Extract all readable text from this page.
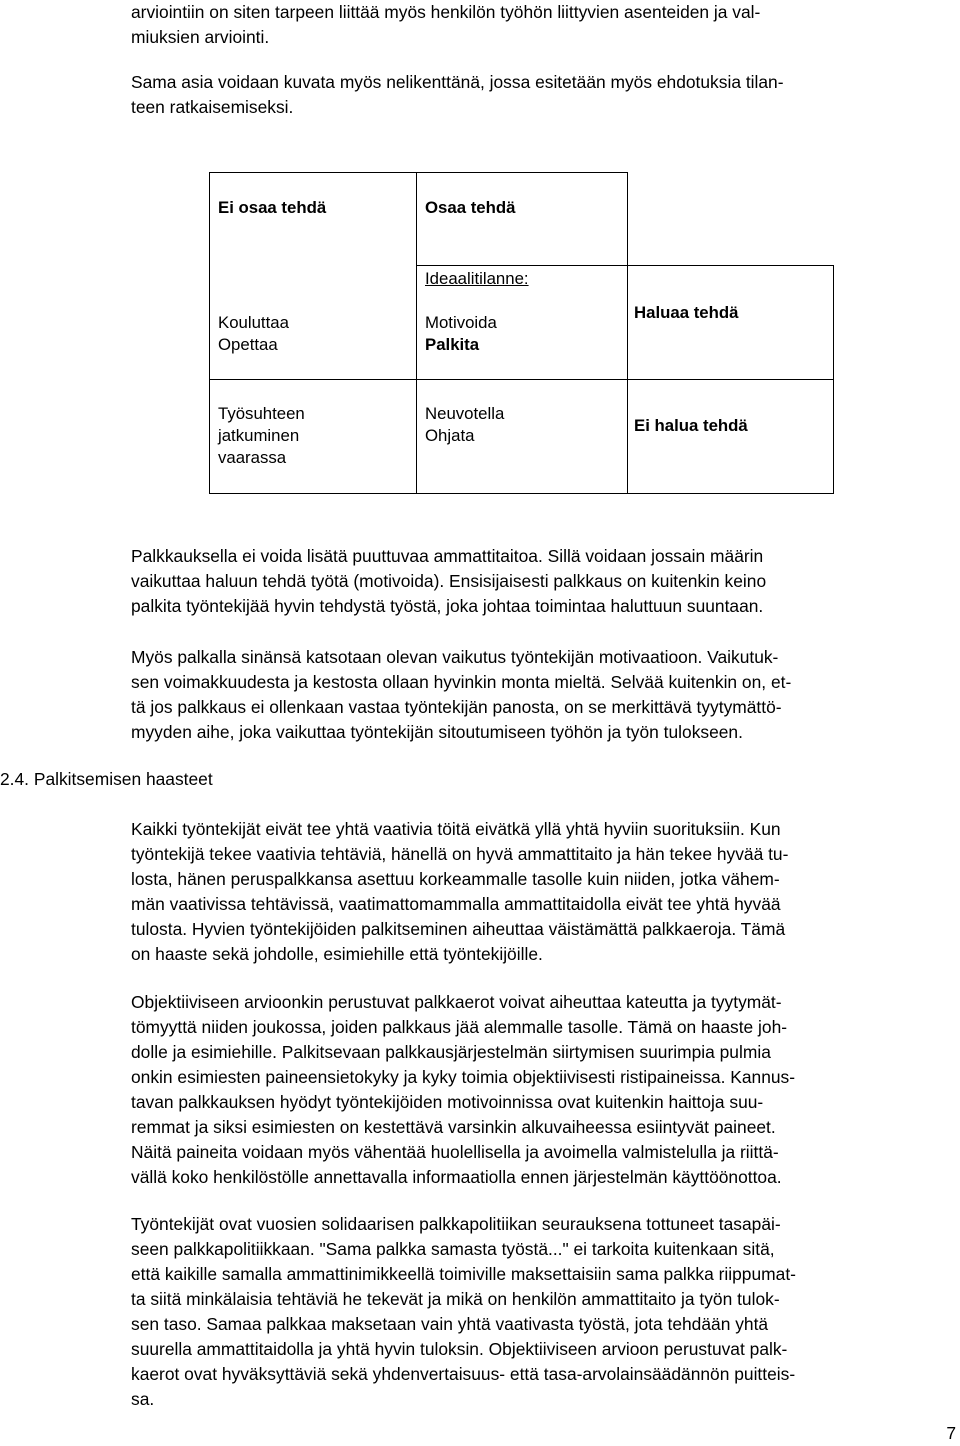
arviointiin on siten tarpeen liittää myös henkilön työhön liittyvien asenteiden ja val-
miuksien arviointi.

Sama asia voidaan kuvata myös nelikenttänä, jossa esitetään myös ehdotuksia tilan-
teen ratkaisemiseksi.

Ei osaa tehdä	Osaa tehdä
Ideaalitilanne:
Kouluttaa
Opettaa
Motivoida
Palkita
Haluaa tehdä
Työsuhteen
jatkuminen
vaarassa
Neuvotella
Ohjata
Ei halua tehdä

Palkkauksella ei voida lisätä puuttuvaa ammattitaitoa. Sillä voidaan jossain määrin
vaikuttaa haluun tehdä työtä (motivoida). Ensisijaisesti palkkaus on kuitenkin keino
palkita työntekijää hyvin tehdystä työstä, joka johtaa toimintaa haluttuun suuntaan.

Myös palkalla sinänsä katsotaan olevan vaikutus työntekijän motivaatioon. Vaikutuk-
sen voimakkuudesta ja kestosta ollaan hyvinkin monta mieltä. Selvää kuitenkin on, et-
tä jos palkkaus ei ollenkaan vastaa työntekijän panosta, on se merkittävä tyytymättö-
myyden aihe, joka vaikuttaa työntekijän sitoutumiseen työhön ja työn tulokseen.

2.4. Palkitsemisen haasteet

Kaikki työntekijät eivät tee yhtä vaativia töitä eivätkä yllä yhtä hyviin suorituksiin. Kun
työntekijä tekee vaativia tehtäviä, hänellä on hyvä ammattitaito ja hän tekee hyvää tu-
losta, hänen peruspalkkansa asettuu korkeammalle tasolle kuin niiden, jotka vähem-
män vaativissa tehtävissä, vaatimattomammalla ammattitaidolla eivät tee yhtä hyvää
tulosta. Hyvien työntekijöiden palkitseminen aiheuttaa väistämättä palkkaeroja. Tämä
on haaste sekä johdolle, esimiehille että työntekijöille.

Objektiiviseen arvioonkin perustuvat palkkaerot voivat aiheuttaa kateutta ja tyytymät-
tömyyttä niiden joukossa, joiden palkkaus jää alemmalle tasolle. Tämä on haaste joh-
dolle ja esimiehille. Palkitsevaan palkkausjärjestelmän siirtymisen suurimpia pulmia
onkin esimiesten paineensietokyky ja kyky toimia objektiivisesti ristipaineissa. Kannus-
tavan palkkauksen hyödyt työntekijöiden motivoinnissa ovat kuitenkin haittoja suu-
remmat ja siksi esimiesten on kestettävä varsinkin alkuvaiheessa esiintyvät paineet.
Näitä paineita voidaan myös vähentää huolellisella ja avoimella valmistelulla ja riittä-
vällä koko henkilöstölle annettavalla informaatiolla ennen järjestelmän käyttöönottoa.

Työntekijät ovat vuosien solidaarisen palkkapolitiikan seurauksena tottuneet tasapäi-
seen palkkapolitiikkaan. "Sama palkka samasta työstä..." ei tarkoita kuitenkaan sitä,
että kaikille samalla ammattinimikkeellä toimiville maksettaisiin sama palkka riippumat-
ta siitä minkälaisia tehtäviä he tekevät ja mikä on henkilön ammattitaito ja työn tulok-
sen taso. Samaa palkkaa maksetaan vain yhtä vaativasta työstä, jota tehdään yhtä
suurella ammattitaidolla ja yhtä hyvin tuloksin. Objektiiviseen arvioon perustuvat palk-
kaerot ovat hyväksyttäviä sekä yhdenvertaisuus- että tasa-arvolainsäädännön puitteis-
sa.

7
